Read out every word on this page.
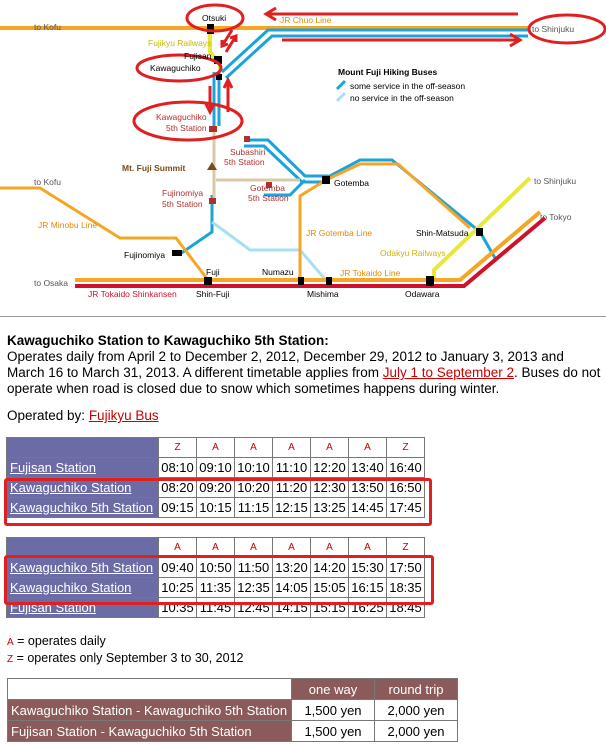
to Kofu
Otsuki	JR Chuo Line
to Shinjuku
Fujikyu Railways
Fujisan
Kawaguchiko
Kawaguchiko
5th Station
Mount Fuji Hiking Buses
some service in the off-season
no service in the off-season
Subashiri
5th Station
Mt. Fuji Summit
Gotemba
Gotemba
5th Station
to Kofu
Fujinomiya
5th Station
to Shinjuku
to Tokyo
JR Minobu Line
JR Gotemba Line	Shin-Matsuda
Fujinomiya	Odakyu Railways
Fuji	Numazu	JR Tokaido Line
to Osaka
JR Tokaido Shinkansen Shin-Fuji	Mishima	Odawara
Kawaguchiko Station to Kawaguchiko 5th Station:
Operates daily from April 2 to December 2, 2012, December 29, 2012 to January 3, 2013 and March 16 to March 31, 2013. A different timetable applies from July 1 to September 2. Buses do not operate when road is closed due to snow which sometimes happens during winter.
Operated by: Fujikyu Bus
	Z	A	A	A	A	A	Z
Fujisan Station	08:10	09:10	10:10	11:10	12:20	13:40	16:40
Kawaguchiko Station	08:20	09:20	10:20	11:20	12:30	13:50	16:50
Kawaguchiko 5th Station	09:15	10:15	11:15	12:15	13:25	14:45	17:45
	A	A	A	A	A	A	Z
Kawaguchiko 5th Station	09:40	10:50	11:50	13:20	14:20	15:30	17:50
Kawaguchiko Station	10:25	11:35	12:35	14:05	15:05	16:15	18:35
Fujisan Station	10:35	11:45	12:45	14:15	15:15	16:25	18:45
A = operates daily
Z = operates only September 3 to 30, 2012
	one way	round trip
Kawaguchiko Station - Kawaguchiko 5th Station	1,500 yen	2,000 yen
Fujisan Station - Kawaguchiko 5th Station	1,500 yen	2,000 yen
